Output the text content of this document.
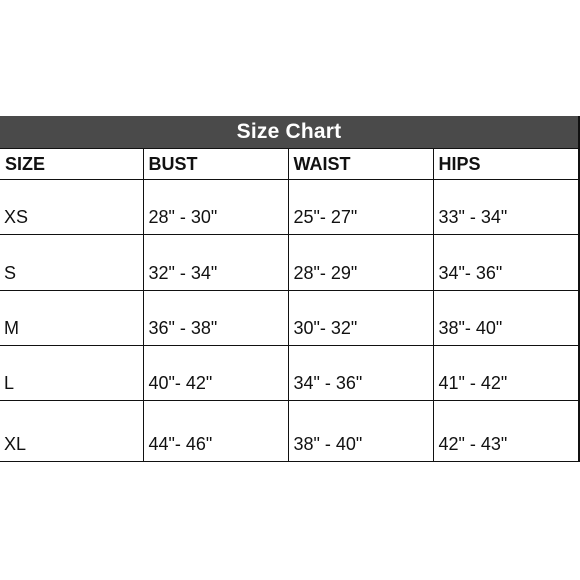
Size Chart
SIZE	BUST	WAIST	HIPS
XS	28" - 30"	25"- 27"	33" - 34"
S	32" - 34"	28"- 29"	34"- 36"
M	36" - 38"	30"- 32"	38"- 40"
L	40"- 42"	34" - 36"	41" - 42"
XL	44"- 46"	38" - 40"	42" - 43"
